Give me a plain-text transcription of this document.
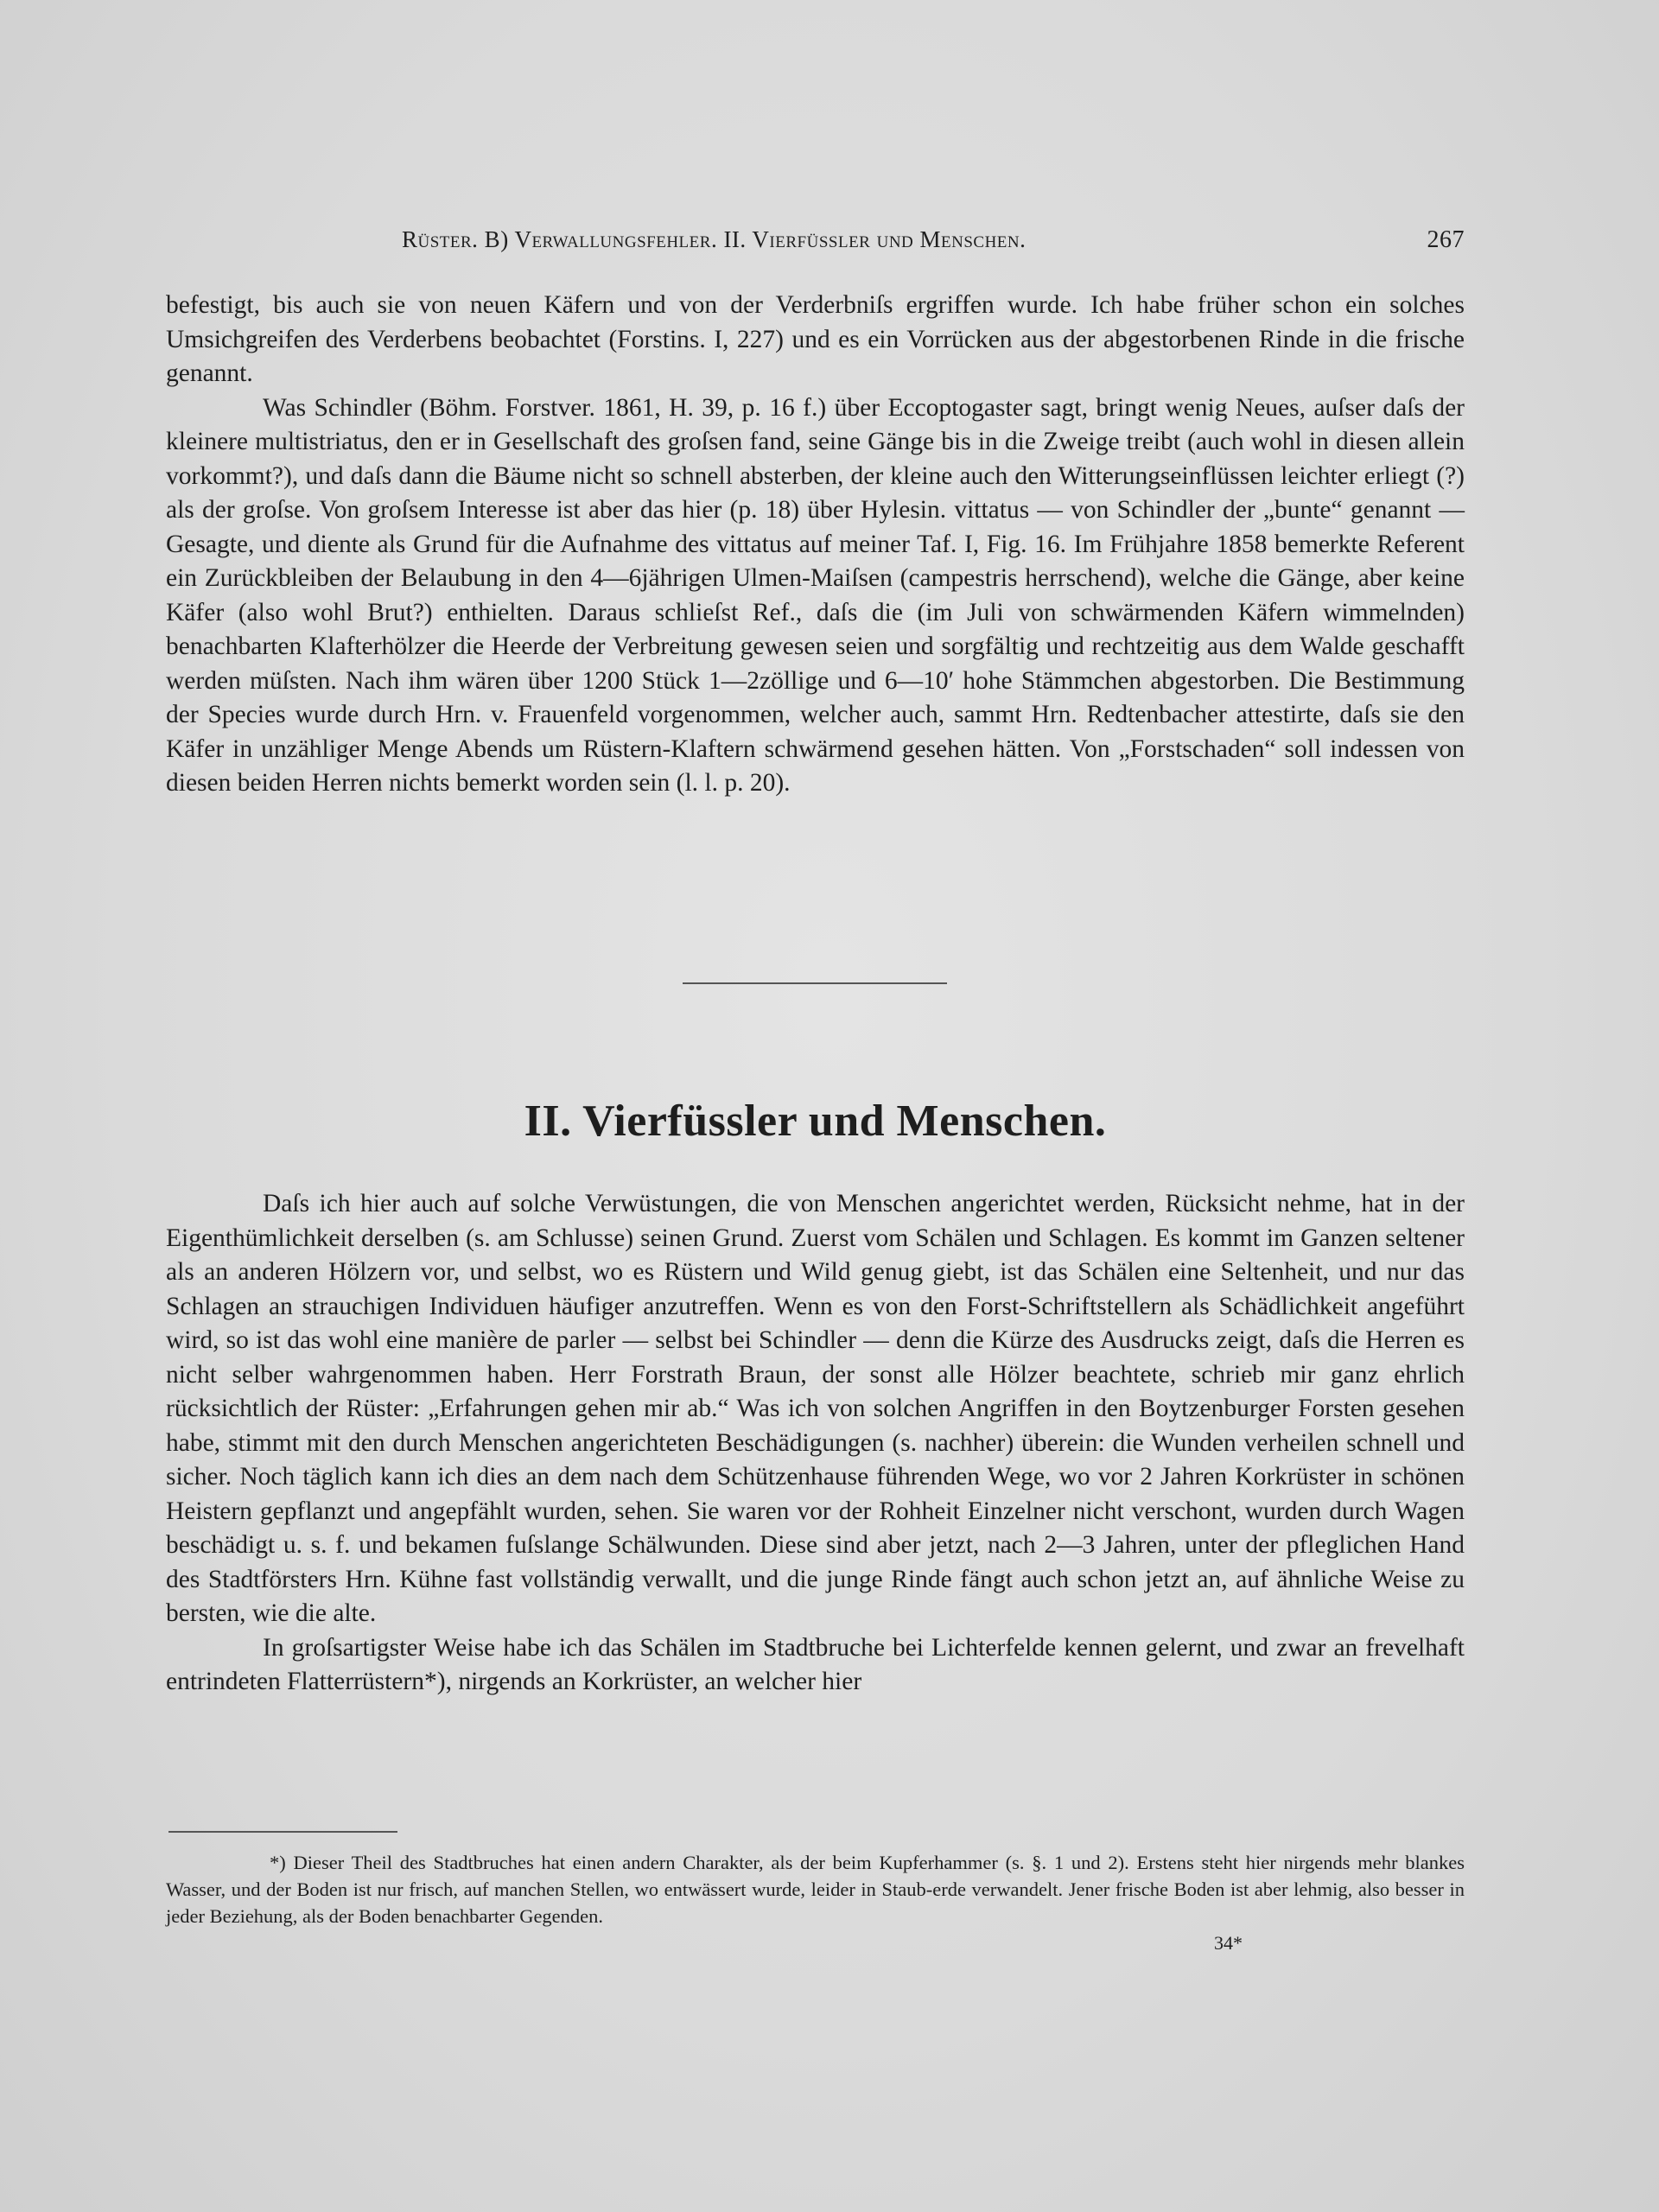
Rüster. B) Verwallungsfehler. II. Vierfüssler und Menschen.	267

befestigt, bis auch sie von neuen Käfern und von der Verderbniſs ergriffen wurde. Ich habe früher schon ein solches Umsichgreifen des Verderbens beobachtet (Forstins. I, 227) und es ein Vorrücken aus der abgestorbenen Rinde in die frische genannt.

Was Schindler (Böhm. Forstver. 1861, H. 39, p. 16 f.) über Eccoptogaster sagt, bringt wenig Neues, auſser daſs der kleinere multistriatus, den er in Gesellschaft des groſsen fand, seine Gänge bis in die Zweige treibt (auch wohl in diesen allein vorkommt?), und daſs dann die Bäume nicht so schnell absterben, der kleine auch den Witterungseinflüssen leichter erliegt (?) als der groſse. Von groſsem Interesse ist aber das hier (p. 18) über Hylesin. vittatus — von Schindler der „bunte“ genannt — Gesagte, und diente als Grund für die Aufnahme des vittatus auf meiner Taf. I, Fig. 16. Im Frühjahre 1858 bemerkte Referent ein Zurückbleiben der Belaubung in den 4—6jährigen Ulmen-Maiſsen (campestris herrschend), welche die Gänge, aber keine Käfer (also wohl Brut?) enthielten. Daraus schlieſst Ref., daſs die (im Juli von schwärmenden Käfern wimmelnden) benachbarten Klafterhölzer die Heerde der Verbreitung gewesen seien und sorgfältig und rechtzeitig aus dem Walde geschafft werden müſsten. Nach ihm wären über 1200 Stück 1—2zöllige und 6—10′ hohe Stämmchen abgestorben. Die Bestimmung der Species wurde durch Hrn. v. Frauenfeld vorgenommen, welcher auch, sammt Hrn. Redtenbacher attestirte, daſs sie den Käfer in unzähliger Menge Abends um Rüstern-Klaftern schwärmend gesehen hätten. Von „Forstschaden“ soll indessen von diesen beiden Herren nichts bemerkt worden sein (l. l. p. 20).

II. Vierfüssler und Menschen.

Daſs ich hier auch auf solche Verwüstungen, die von Menschen angerichtet werden, Rücksicht nehme, hat in der Eigenthümlichkeit derselben (s. am Schlusse) seinen Grund. Zuerst vom Schälen und Schlagen. Es kommt im Ganzen seltener als an anderen Hölzern vor, und selbst, wo es Rüstern und Wild genug giebt, ist das Schälen eine Seltenheit, und nur das Schlagen an strauchigen Individuen häufiger anzutreffen. Wenn es von den Forst-Schriftstellern als Schädlichkeit angeführt wird, so ist das wohl eine manière de parler — selbst bei Schindler — denn die Kürze des Ausdrucks zeigt, daſs die Herren es nicht selber wahrgenommen haben. Herr Forstrath Braun, der sonst alle Hölzer beachtete, schrieb mir ganz ehrlich rücksichtlich der Rüster: „Erfahrungen gehen mir ab.“ Was ich von solchen Angriffen in den Boytzenburger Forsten gesehen habe, stimmt mit den durch Menschen angerichteten Beschädigungen (s. nachher) überein: die Wunden verheilen schnell und sicher. Noch täglich kann ich dies an dem nach dem Schützenhause führenden Wege, wo vor 2 Jahren Korkrüster in schönen Heistern gepflanzt und angepfählt wurden, sehen. Sie waren vor der Rohheit Einzelner nicht verschont, wurden durch Wagen beschädigt u. s. f. und bekamen fuſslange Schälwunden. Diese sind aber jetzt, nach 2—3 Jahren, unter der pfleglichen Hand des Stadtförsters Hrn. Kühne fast vollständig verwallt, und die junge Rinde fängt auch schon jetzt an, auf ähnliche Weise zu bersten, wie die alte.

In groſsartigster Weise habe ich das Schälen im Stadtbruche bei Lichterfelde kennen gelernt, und zwar an frevelhaft entrindeten Flatterrüstern*), nirgends an Korkrüster, an welcher hier

*) Dieser Theil des Stadtbruches hat einen andern Charakter, als der beim Kupferhammer (s. §. 1 und 2). Erstens steht hier nirgends mehr blankes Wasser, und der Boden ist nur frisch, auf manchen Stellen, wo entwässert wurde, leider in Staub-erde verwandelt. Jener frische Boden ist aber lehmig, also besser in jeder Beziehung, als der Boden benachbarter Gegenden.

34*
